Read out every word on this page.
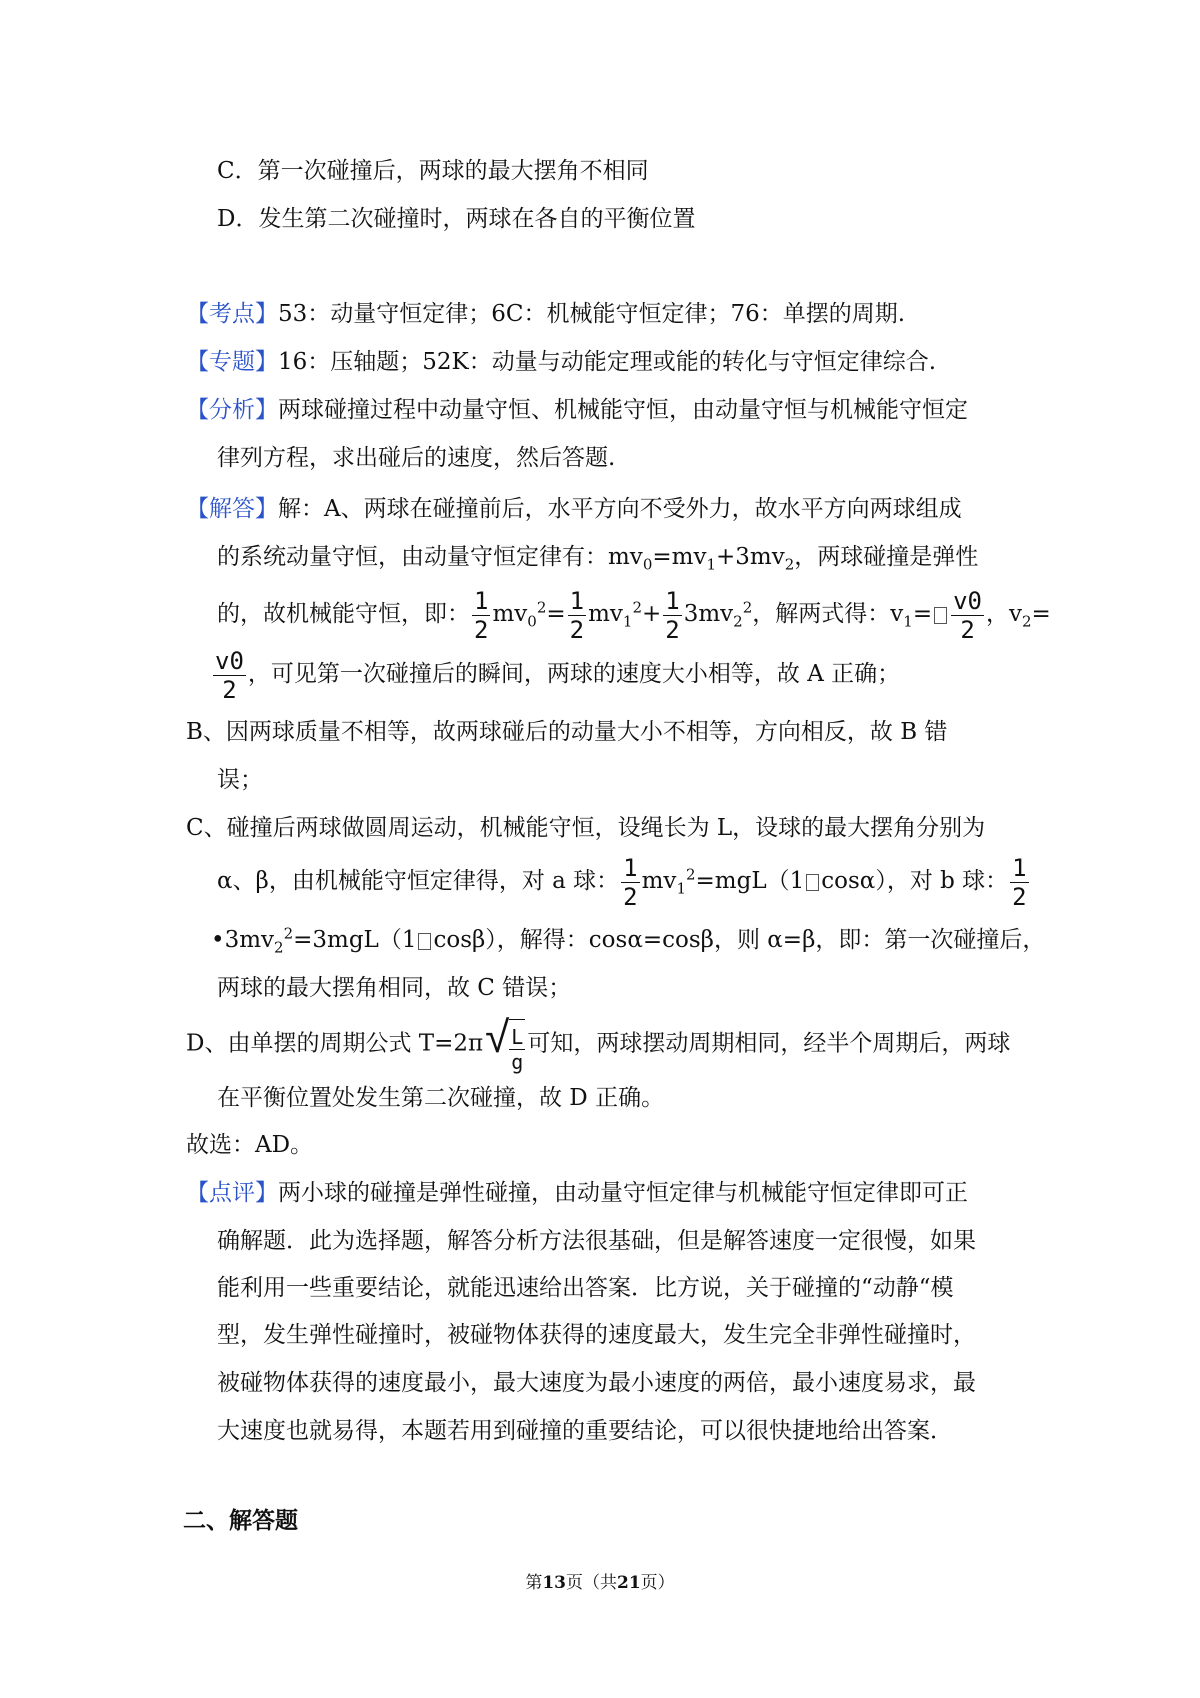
C．第一次碰撞后，两球的最大摆角不相同
D．发生第二次碰撞时，两球在各自的平衡位置
【考点】53：动量守恒定律；6C：机械能守恒定律；76：单摆的周期.
【专题】16：压轴题；52K：动量与动能定理或能的转化与守恒定律综合.
【分析】两球碰撞过程中动量守恒、机械能守恒，由动量守恒与机械能守恒定
律列方程，求出碰后的速度，然后答题.
【解答】解：A、两球在碰撞前后，水平方向不受外力，故水平方向两球组成
的系统动量守恒，由动量守恒定律有：$mv_0=mv_1+3mv_2$，两球碰撞是弹性
的，故机械能守恒，即： $\frac{1}{2} mv_0^2= \frac{1}{2} mv_1^2+ \frac{1}{2} 3mv_2^2$，解两式得：$v_1= \frac{v0}{2}$ ，$v_2=$
$\frac{v0}{2}$ ，可见第一次碰撞后的瞬间，两球的速度大小相等，故 A 正确；
B、因两球质量不相等，故两球碰后的动量大小不相等，方向相反，故 B 错
误；
C、碰撞后两球做圆周运动，机械能守恒，设绳长为 L，设球的最大摆角分别为
α、β，由机械能守恒定律得，对 a 球： $\frac{1}{2} mv_1^2=mgL(1$ cosα），对 b 球： $\frac{1}{2}$
$•3mv_2^2=3mgL(1$ cosβ），解得：cosα=cosβ，则 α=β，即：第一次碰撞后，
两球的最大摆角相同，故 C 错误；
D、由单摆的周期公式 T=2π √ $\frac{L}{g}$ 可知，两球摆动周期相同，经半个周期后，两球
在平衡位置处发生第二次碰撞，故 D 正确。
故选：AD。
【点评】两小球的碰撞是弹性碰撞，由动量守恒定律与机械能守恒定律即可正
确解题．此为选择题，解答分析方法很基础，但是解答速度一定很慢，如果
能利用一些重要结论，就能迅速给出答案．比方说，关于碰撞的“动静“模
型，发生弹性碰撞时，被碰物体获得的速度最大，发生完全非弹性碰撞时，
被碰物体获得的速度最小，最大速度为最小速度的两倍，最小速度易求，最
大速度也就易得，本题若用到碰撞的重要结论，可以很快捷地给出答案．
二、解答题
第13页（共21页）
